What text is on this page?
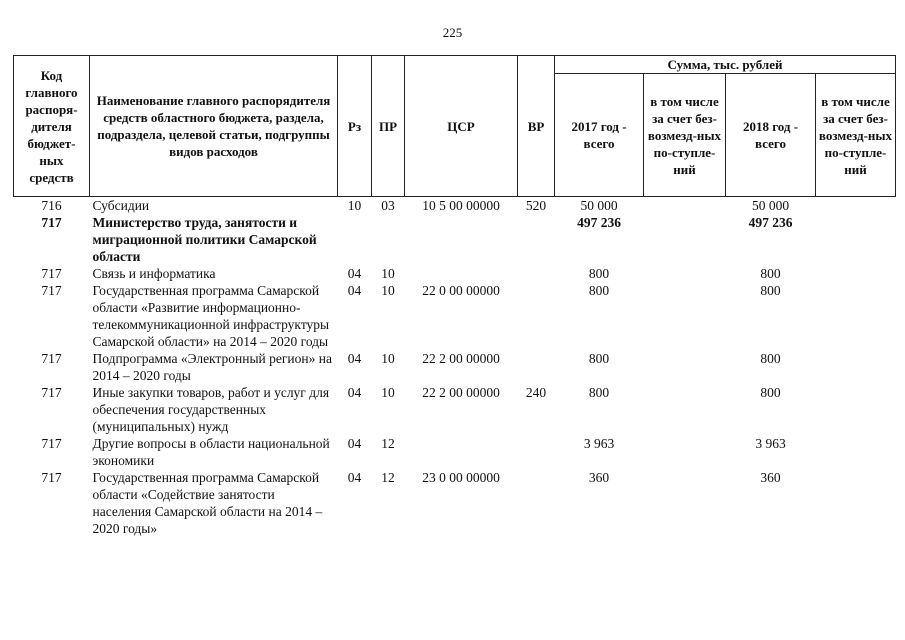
225
Код главного распоря-дителя бюджет-ных средств	Наименование главного распорядителя средств областного бюджета, раздела, подраздела, целевой статьи, подгруппы видов расходов	Рз	ПР	ЦСР	ВР	Сумма, тыс. рублей			
						2017 год - всего	в том числе за счет без-возмезд-ных по-ступле-ний	2018 год - всего	в том числе за счет без-возмезд-ных по-ступле-ний
716	Субсидии	10	03	10 5 00 00000	520	50 000		50 000	
717	Министерство труда, занятости и миграционной политики Самарской области					497 236		497 236	
717	Связь и информатика	04	10			800		800	
717	Государственная программа Самарской области «Развитие информационно-телекоммуникационной инфраструктуры Самарской области» на 2014 – 2020 годы	04	10	22 0 00 00000		800		800	
717	Подпрограмма «Электронный регион» на 2014 – 2020 годы	04	10	22 2 00 00000		800		800	
717	Иные закупки товаров, работ и услуг для обеспечения государственных (муниципальных) нужд	04	10	22 2 00 00000	240	800		800	
717	Другие вопросы в области национальной экономики	04	12			3 963		3 963	
717	Государственная программа Самарской области «Содействие занятости населения Самарской области на 2014 – 2020 годы»	04	12	23 0 00 00000		360		360	
